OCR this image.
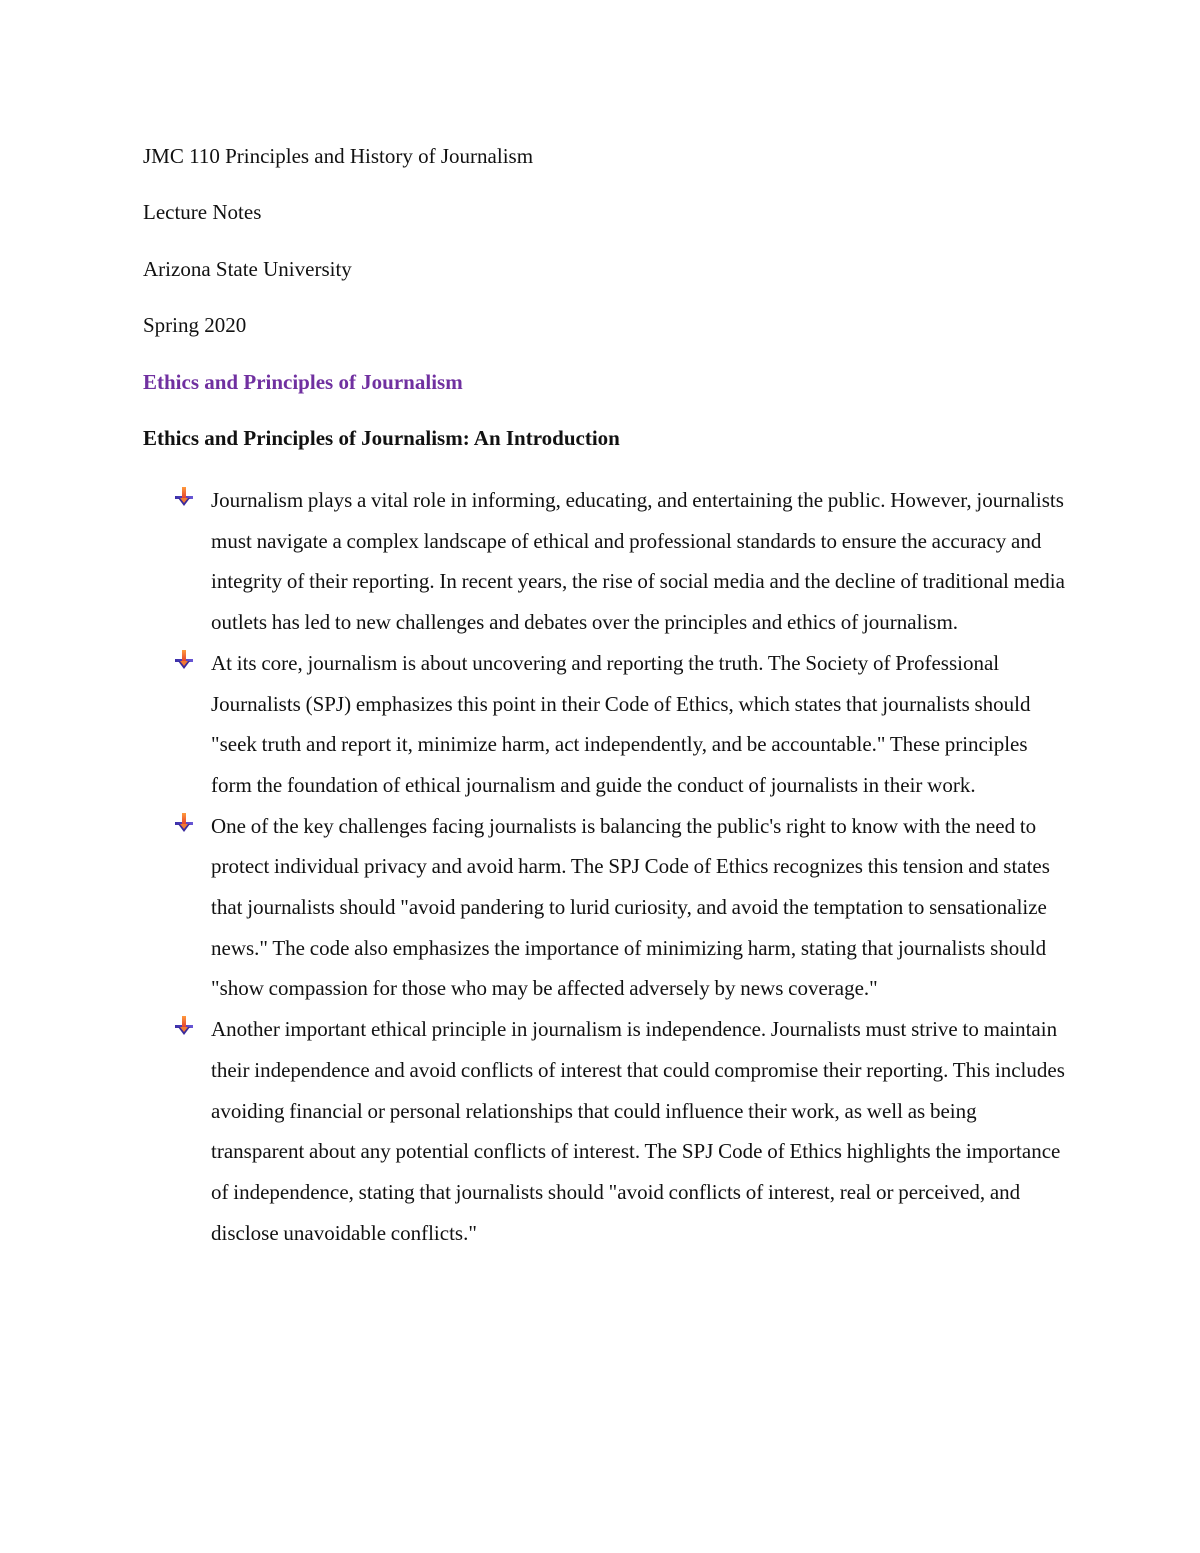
JMC 110 Principles and History of Journalism
Lecture Notes
Arizona State University
Spring 2020
Ethics and Principles of Journalism
Ethics and Principles of Journalism: An Introduction
Journalism plays a vital role in informing, educating, and entertaining the public. However, journalists must navigate a complex landscape of ethical and professional standards to ensure the accuracy and integrity of their reporting. In recent years, the rise of social media and the decline of traditional media outlets has led to new challenges and debates over the principles and ethics of journalism.
At its core, journalism is about uncovering and reporting the truth. The Society of Professional Journalists (SPJ) emphasizes this point in their Code of Ethics, which states that journalists should "seek truth and report it, minimize harm, act independently, and be accountable." These principles form the foundation of ethical journalism and guide the conduct of journalists in their work.
One of the key challenges facing journalists is balancing the public's right to know with the need to protect individual privacy and avoid harm. The SPJ Code of Ethics recognizes this tension and states that journalists should "avoid pandering to lurid curiosity, and avoid the temptation to sensationalize news." The code also emphasizes the importance of minimizing harm, stating that journalists should "show compassion for those who may be affected adversely by news coverage."
Another important ethical principle in journalism is independence. Journalists must strive to maintain their independence and avoid conflicts of interest that could compromise their reporting. This includes avoiding financial or personal relationships that could influence their work, as well as being transparent about any potential conflicts of interest. The SPJ Code of Ethics highlights the importance of independence, stating that journalists should "avoid conflicts of interest, real or perceived, and disclose unavoidable conflicts."
